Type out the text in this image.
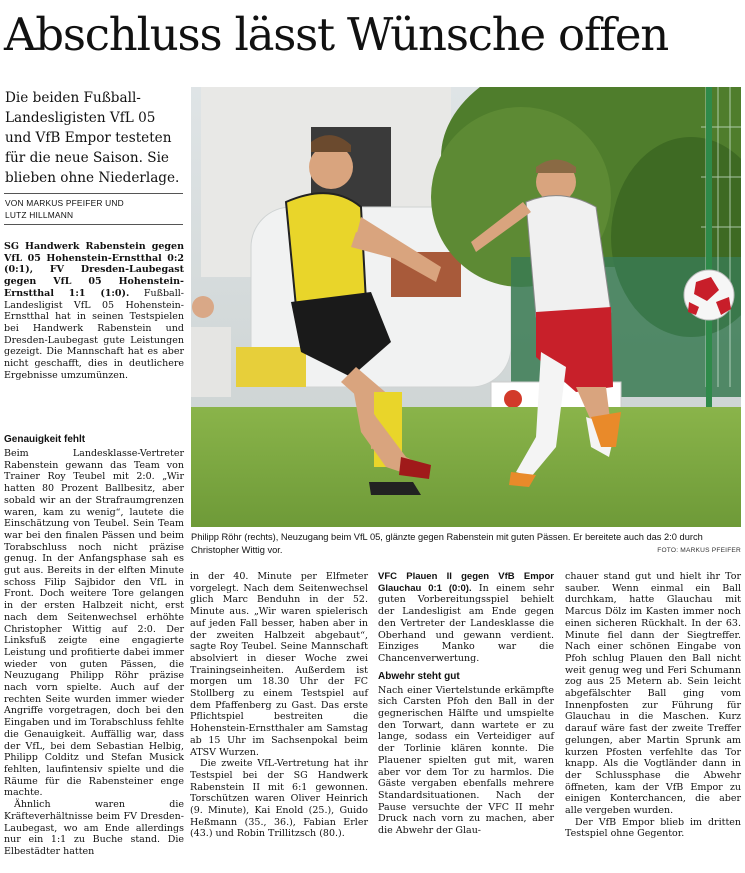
Abschluss lässt Wünsche offen
Die beiden Fußball-Landesligisten VfL 05 und VfB Empor testeten für die neue Saison. Sie blieben ohne Niederlage.
VON MARKUS PFEIFER UND
LUTZ HILLMANN

SG Handwerk Rabenstein gegen VfL 05 Hohenstein-Ernstthal 0:2 (0:1), FV Dresden-Laubegast gegen VfL 05 Hohenstein-Ernstthal 1:1 (1:0). Fußball-Landesligist VfL 05 Hohenstein-Ernstthal hat in seinen Testspielen bei Handwerk Rabenstein und Dresden-Laubegast gute Leistungen gezeigt. Die Mannschaft hat es aber nicht geschafft, dies in deutlichere Ergebnisse umzumünzen.

Genauigkeit fehlt

Beim Landesklasse-Vertreter Rabenstein gewann das Team von Trainer Roy Teubel mit 2:0. „Wir hatten 80 Prozent Ballbesitz, aber sobald wir an der Strafraumgrenzen waren, kam zu wenig“, lautete die Einschätzung von Teubel. Sein Team war bei den finalen Pässen und beim Torabschluss noch nicht präzise genug. In der Anfangsphase sah es gut aus. Bereits in der elften Minute schoss Filip Sajbidor den VfL in Front. Doch weitere Tore gelangen in der ersten Halbzeit nicht, erst nach dem Seitenwechsel erhöhte Christopher Wittig auf 2:0. Der Linksfuß zeigte eine engagierte Leistung und profitierte dabei immer wieder von guten Pässen, die Neuzugang Philipp Röhr präzise nach vorn spielte. Auch auf der rechten Seite wurden immer wieder Angriffe vorgetragen, doch bei den Eingaben und im Torabschluss fehlte die Genauigkeit. Auffällig war, dass der VfL, bei dem Sebastian Helbig, Philipp Colditz und Stefan Musick fehlten, laufintensiv spielte und die Räume für die Rabensteiner enge machte.

Ähnlich waren die Kräfteverhältnisse beim FV Dresden-Laubegast, wo am Ende allerdings nur ein 1:1 zu Buche stand. Die Elbestädter hatten

Philipp Röhr (rechts), Neuzugang beim VfL 05, glänzte gegen Rabenstein mit guten Pässen. Er bereitete auch das 2:0 durch Christopher Wittig vor.	FOTO: MARKUS PFEIFER

in der 40. Minute per Elfmeter vorgelegt. Nach dem Seitenwechsel glich Marc Benduhn in der 52. Minute aus. „Wir waren spielerisch auf jeden Fall besser, haben aber in der zweiten Halbzeit abgebaut“, sagte Roy Teubel. Seine Mannschaft absolviert in dieser Woche zwei Trainingseinheiten. Außerdem ist morgen um 18.30 Uhr der FC Stollberg zu einem Testspiel auf dem Pfaffenberg zu Gast. Das erste Pflichtspiel bestreiten die Hohenstein-Ernstthaler am Samstag ab 15 Uhr im Sachsenpokal beim ATSV Wurzen.

Die zweite VfL-Vertretung hat ihr Testspiel bei der SG Handwerk Rabenstein II mit 6:1 gewonnen. Torschützen waren Oliver Heinrich (9. Minute), Kai Enold (25.), Guido Heßmann (35., 36.), Fabian Erler (43.) und Robin Trillitzsch (80.).

VFC Plauen II gegen VfB Empor Glauchau 0:1 (0:0). In einem sehr guten Vorbereitungsspiel behielt der Landesligist am Ende gegen den Vertreter der Landesklasse die Oberhand und gewann verdient. Einziges Manko war die Chancenverwertung.

Abwehr steht gut

Nach einer Viertelstunde erkämpfte sich Carsten Pfoh den Ball in der gegnerischen Hälfte und umspielte den Torwart, dann wartete er zu lange, sodass ein Verteidiger auf der Torlinie klären konnte. Die Plauener spielten gut mit, waren aber vor dem Tor zu harmlos. Die Gäste vergaben ebenfalls mehrere Standardsituationen. Nach der Pause versuchte der VFC II mehr Druck nach vorn zu machen, aber die Abwehr der Glau-

chauer stand gut und hielt ihr Tor sauber. Wenn einmal ein Ball durchkam, hatte Glauchau mit Marcus Dölz im Kasten immer noch einen sicheren Rückhalt. In der 63. Minute fiel dann der Siegtreffer. Nach einer schönen Eingabe von Pfoh schlug Plauen den Ball nicht weit genug weg und Feri Schumann zog aus 25 Metern ab. Sein leicht abgefälschter Ball ging vom Innenpfosten zur Führung für Glauchau in die Maschen. Kurz darauf wäre fast der zweite Treffer gelungen, aber Martin Sprunk am kurzen Pfosten verfehlte das Tor knapp. Als die Vogtländer dann in der Schlussphase die Abwehr öffneten, kam der VfB Empor zu einigen Konterchancen, die aber alle vergeben wurden.

Der VfB Empor blieb im dritten Testspiel ohne Gegentor.
